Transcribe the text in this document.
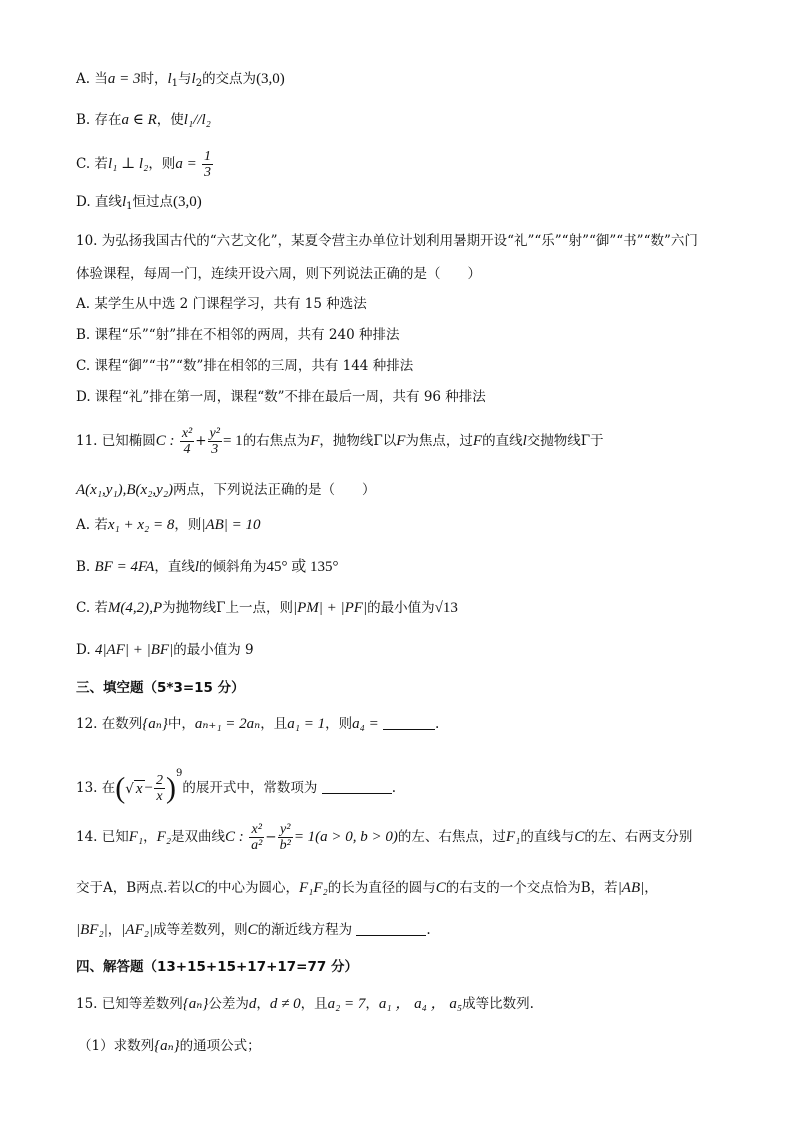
A. 当a = 3时，$l_1$与$l_2$的交点为(3,0)
B. 存在a ∈ R，使l₁//l₂
C. 若l₁ ⊥ l₂，则$a = \frac{1}{3}$
D. 直线$l_1$恒过点(3,0)
10. 为弘扬我国古代的“六艺文化”，某夏令营主办单位计划利用暑期开设“礼”“乐”“射”“御”“书”“数”六门
体验课程，每周一门，连续开设六周，则下列说法正确的是（　　）
A. 某学生从中选 2 门课程学习，共有 15 种选法
B. 课程“乐”“射”排在不相邻的两周，共有 240 种排法
C. 课程“御”“书”“数”排在相邻的三周，共有 144 种排法
D. 课程“礼”排在第一周，课程“数”不排在最后一周，共有 96 种排法
11. 已知椭圆C : $\frac{\text{x²}}{4} + \frac{\text{y²}}{3} = 1$的右焦点为F，抛物线Γ以F为焦点，过F的直线l交抛物线Γ于
A(x₁,y₁),B(x₂,y₂)两点，下列说法正确的是（　　）
A. 若x₁ + x₂ = 8，则|AB| = 10
B. BF = 4FA，直线l的倾斜角为45° 或 135°
C. 若M(4,2),P为抛物线Γ上一点，则|PM| + |PF|的最小值为√13
D. 4|AF| + |BF|的最小值为 9
三、填空题（5*3=15 分）
12. 在数列{aₙ}中，aₙ₊₁ = 2aₙ，且a₁ = 1，则a₄ =	.
13. 在(√ $x - \frac{2}{x} )^9$的展开式中，常数项为	.
14. 已知F₁，F₂是双曲线C : $\frac{\text{x²}}{\text{a²}} - \frac{\text{y²}}{\text{b²}} = 1(a > 0$, b > 0)的左、右焦点，过F₁的直线与C的左、右两支分别
交于A，B两点.若以C的中心为圆心，F₁F₂的长为直径的圆与C的右支的一个交点恰为B，若|AB|，
|BF₂|，|AF₂|成等差数列，则C的渐近线方程为	.
四、解答题（13+15+15+17+17=77 分）
15. 已知等差数列{aₙ}公差为d，d ≠ 0，且a₂ = 7，a₁ ， a₄ ， a₅成等比数列.
（1）求数列{aₙ}的通项公式；
